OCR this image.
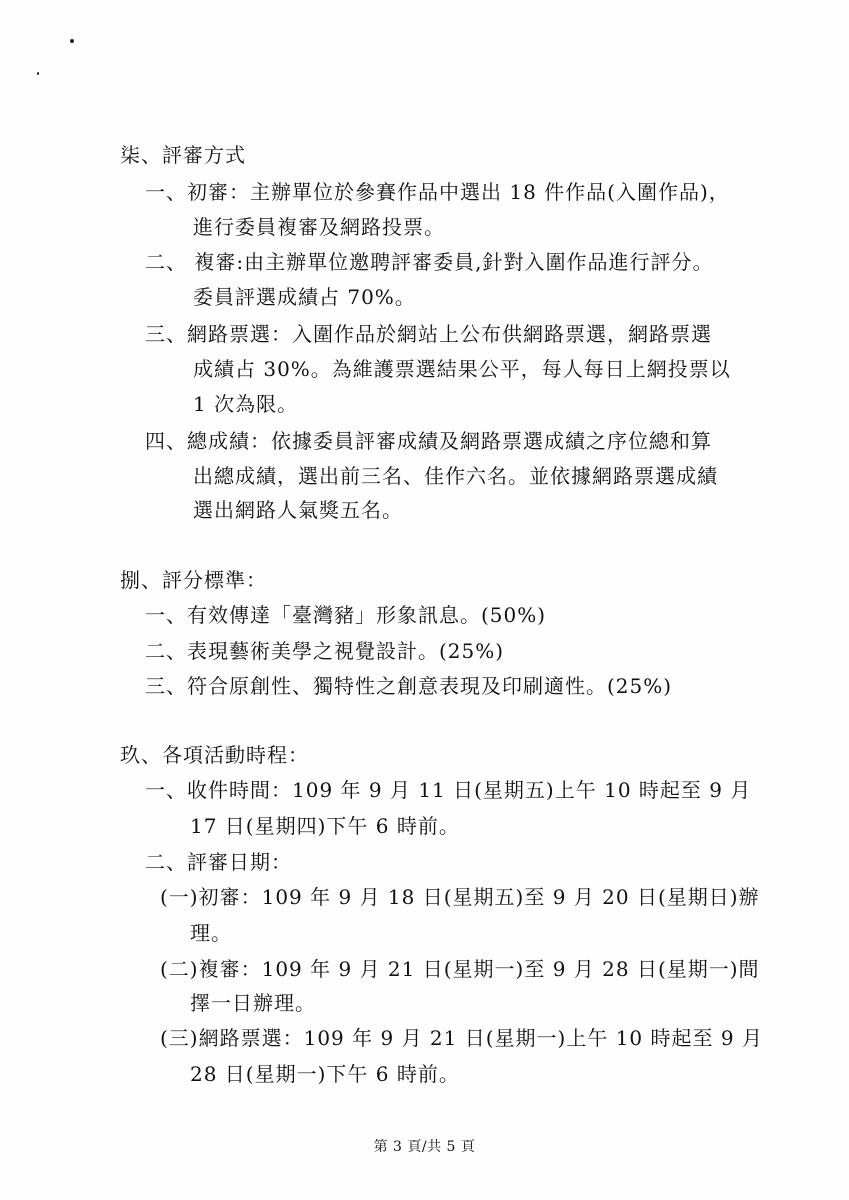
柒、評審方式
一、初審：主辦單位於參賽作品中選出 18 件作品(入圍作品)，
進行委員複審及網路投票。
二、 複審:由主辦單位邀聘評審委員,針對入圍作品進行評分。
委員評選成績占 70%。
三、網路票選：入圍作品於網站上公布供網路票選，網路票選
成績占 30%。為維護票選結果公平，每人每日上網投票以
1 次為限。
四、總成績：依據委員評審成績及網路票選成績之序位總和算
出總成績，選出前三名、佳作六名。並依據網路票選成績
選出網路人氣獎五名。
捌、評分標準：
一、有效傳達「臺灣豬」形象訊息。(50%)
二、表現藝術美學之視覺設計。(25%)
三、符合原創性、獨特性之創意表現及印刷適性。(25%)
玖、各項活動時程：
一、收件時間：109 年 9 月 11 日(星期五)上午 10 時起至 9 月
17 日(星期四)下午 6 時前。
二、評審日期：
(一)初審：109 年 9 月 18 日(星期五)至 9 月 20 日(星期日)辦
理。
(二)複審：109 年 9 月 21 日(星期一)至 9 月 28 日(星期一)間
擇一日辦理。
(三)網路票選：109 年 9 月 21 日(星期一)上午 10 時起至 9 月
28 日(星期一)下午 6 時前。
第 3 頁/共 5 頁
